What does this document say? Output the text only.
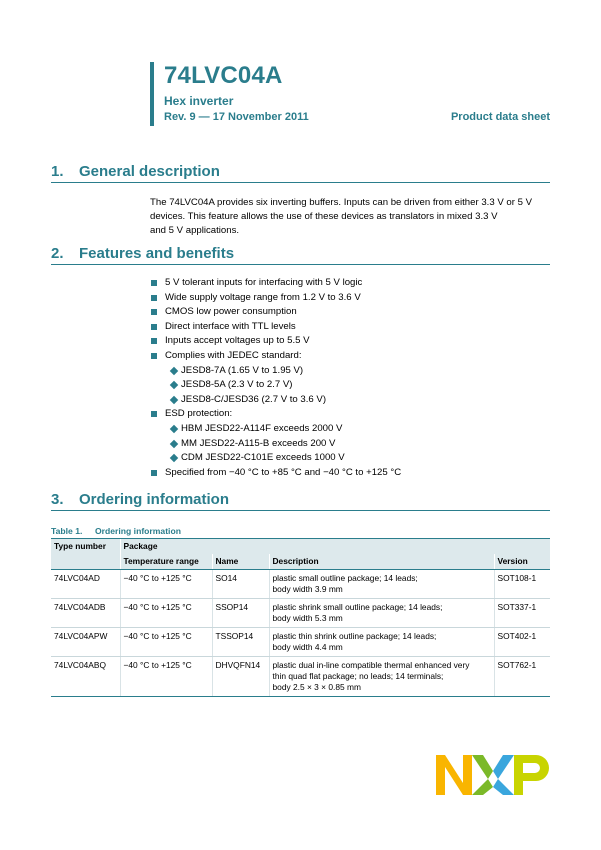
74LVC04A
Hex inverter
Rev. 9 — 17 November 2011	Product data sheet
1. General description
The 74LVC04A provides six inverting buffers. Inputs can be driven from either 3.3 V or 5 V
devices. This feature allows the use of these devices as translators in mixed 3.3 V
and 5 V applications.
2. Features and benefits
5 V tolerant inputs for interfacing with 5 V logic
Wide supply voltage range from 1.2 V to 3.6 V
CMOS low power consumption
Direct interface with TTL levels
Inputs accept voltages up to 5.5 V
Complies with JEDEC standard:
JESD8-7A (1.65 V to 1.95 V)
JESD8-5A (2.3 V to 2.7 V)
JESD8-C/JESD36 (2.7 V to 3.6 V)
ESD protection:
HBM JESD22-A114F exceeds 2000 V
MM JESD22-A115-B exceeds 200 V
CDM JESD22-C101E exceeds 1000 V
Specified from −40 °C to +85 °C and −40 °C to +125 °C
3. Ordering information
Table 1. Ordering information
Type number	Package			
	Temperature range	Name	Description	Version
74LVC04AD	−40 °C to +125 °C	SO14	plastic small outline package; 14 leads;
body width 3.9 mm	SOT108-1
74LVC04ADB	−40 °C to +125 °C	SSOP14	plastic shrink small outline package; 14 leads;
body width 5.3 mm	SOT337-1
74LVC04APW	−40 °C to +125 °C	TSSOP14	plastic thin shrink outline package; 14 leads;
body width 4.4 mm	SOT402-1
74LVC04ABQ	−40 °C to +125 °C	DHVQFN14	plastic dual in-line compatible thermal enhanced very
thin quad flat package; no leads; 14 terminals;
body 2.5 × 3 × 0.85 mm	SOT762-1
